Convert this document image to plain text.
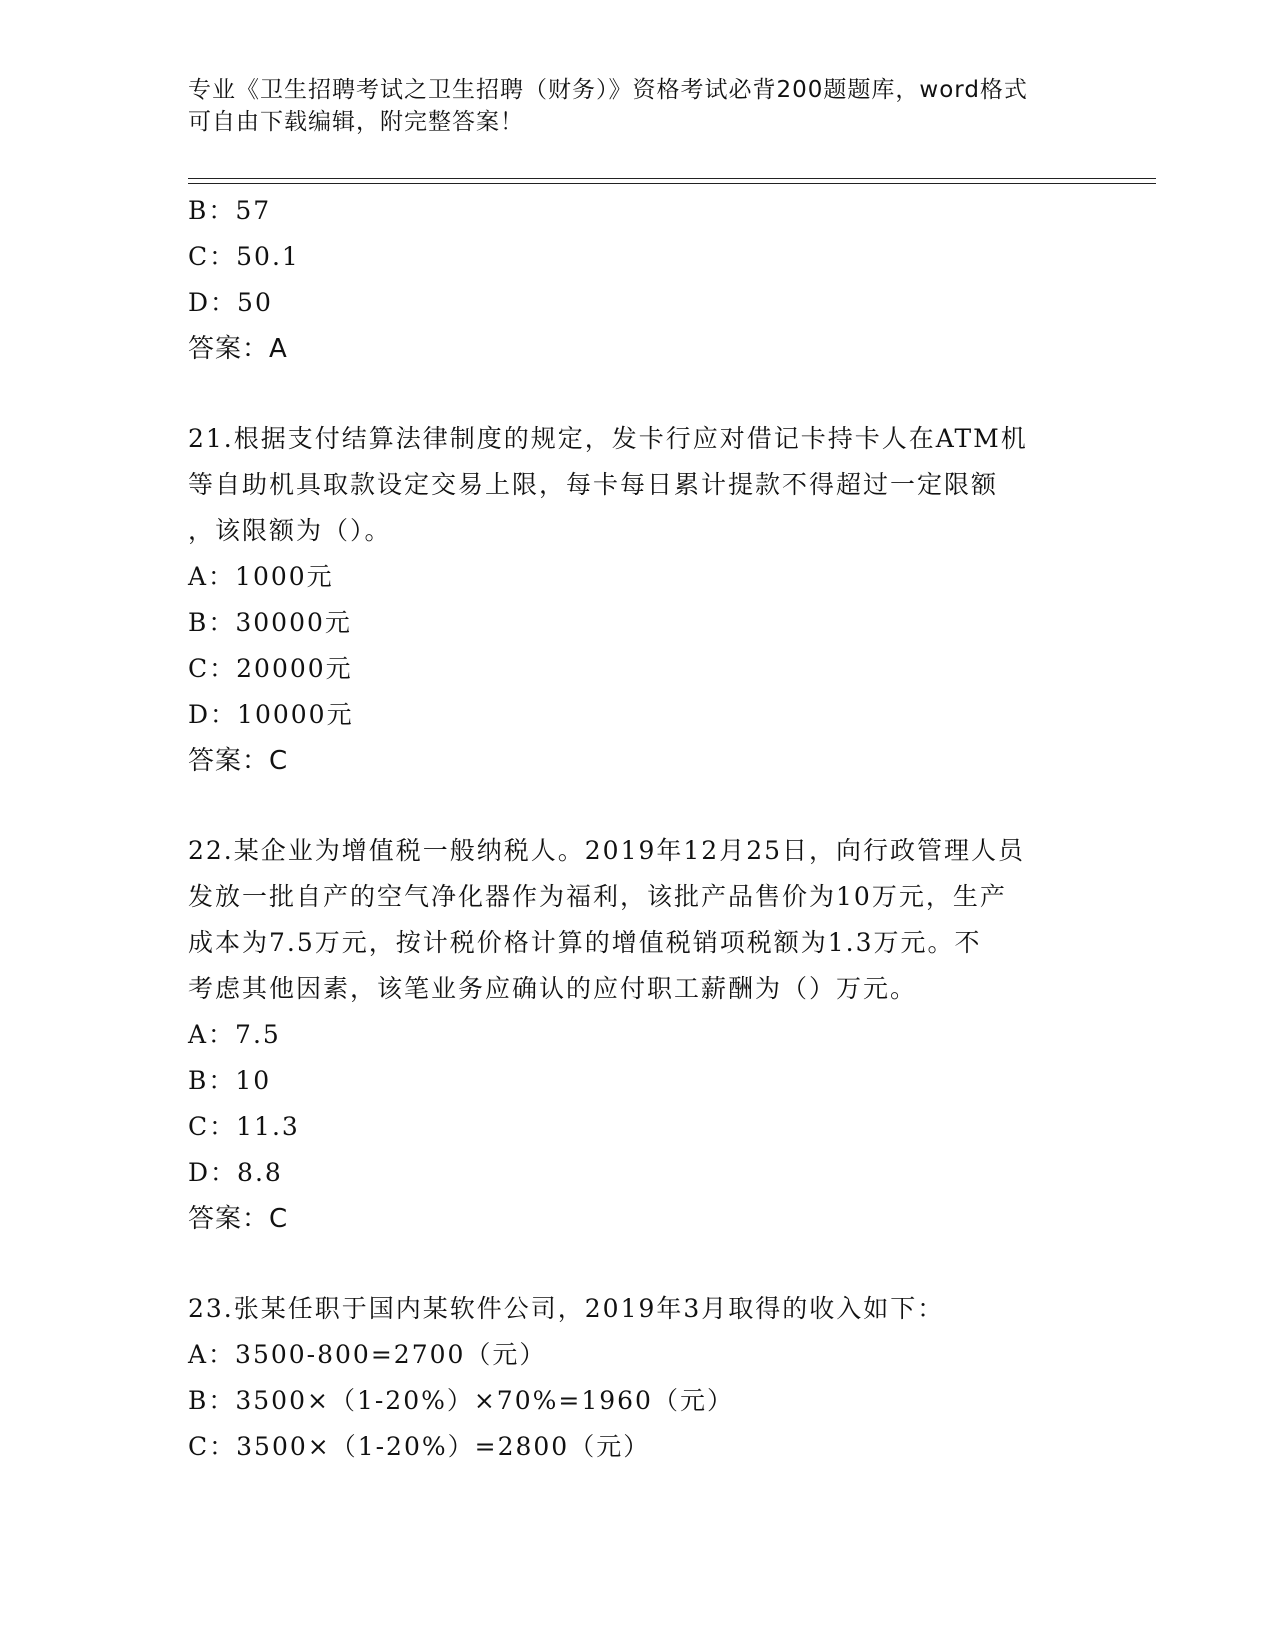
专业《卫生招聘考试之卫生招聘（财务）》资格考试必背200题题库，word格式
可自由下载编辑，附完整答案！
B：57
C：50.1
D：50
答案：A
21.根据支付结算法律制度的规定，发卡行应对借记卡持卡人在ATM机
等自助机具取款设定交易上限，每卡每日累计提款不得超过一定限额
，该限额为（）。
A：1000元
B：30000元
C：20000元
D：10000元
答案：C
22.某企业为增值税一般纳税人。2019年12月25日，向行政管理人员
发放一批自产的空气净化器作为福利，该批产品售价为10万元，生产
成本为7.5万元，按计税价格计算的增值税销项税额为1.3万元。不
考虑其他因素，该笔业务应确认的应付职工薪酬为（）万元。
A：7.5
B：10
C：11.3
D：8.8
答案：C
23.张某任职于国内某软件公司，2019年3月取得的收入如下：
A：3500-800=2700（元）
B：3500×（1-20%）×70%=1960（元）
C：3500×（1-20%）=2800（元）
